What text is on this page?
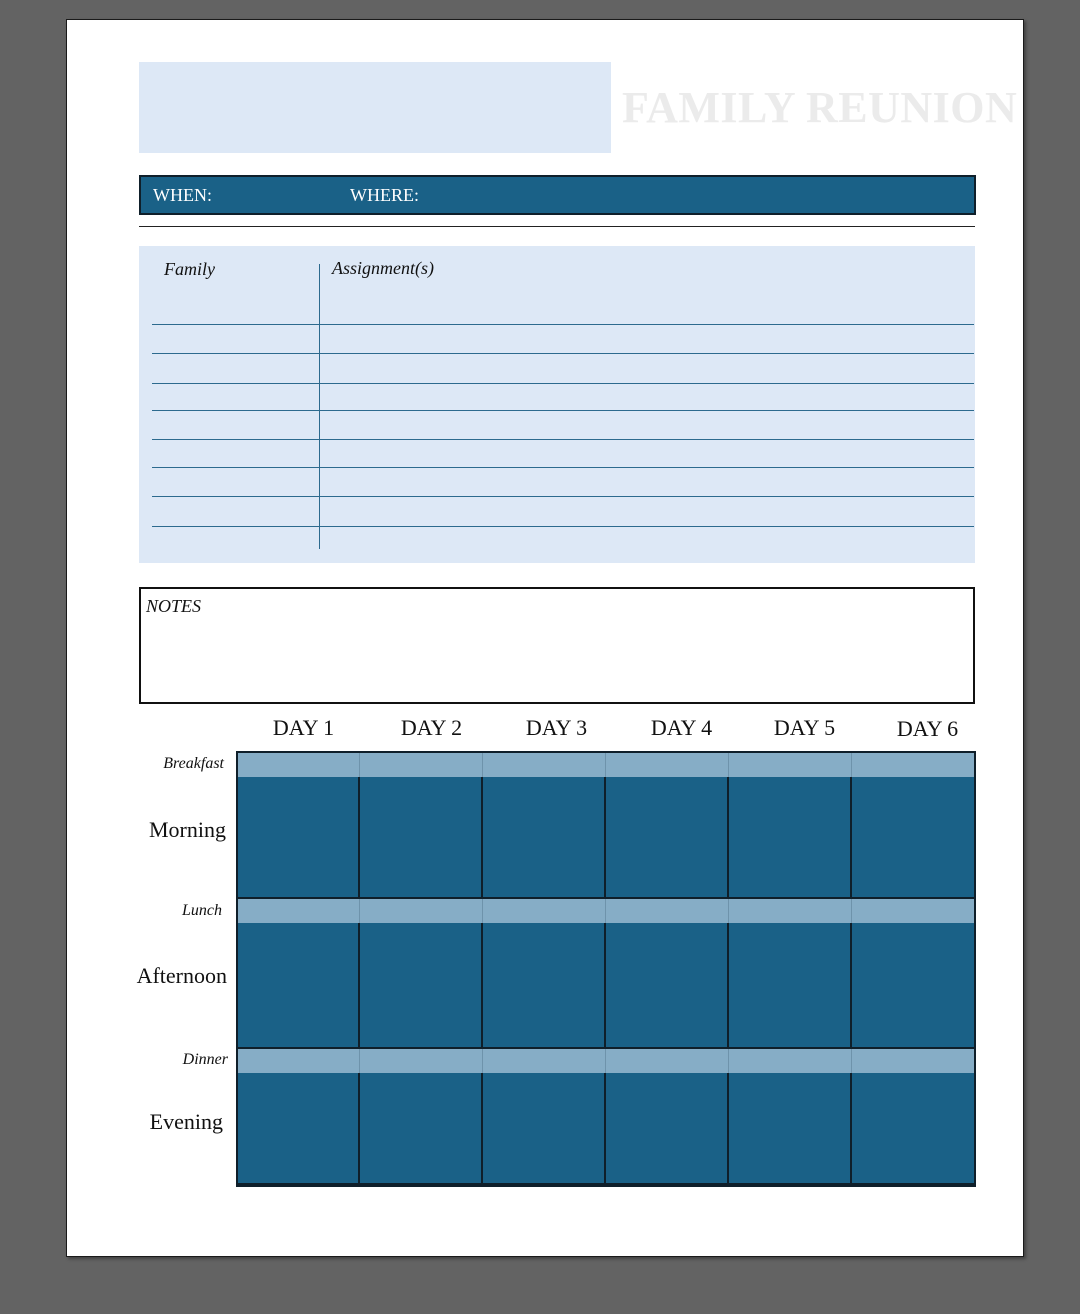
FAMILY REUNION
WHEN:	WHERE:
Family	Assignment(s)
NOTES
DAY 1	DAY 2	DAY 3	DAY 4	DAY 5	DAY 6
Breakfast
Morning
Lunch
Afternoon
Dinner
Evening
